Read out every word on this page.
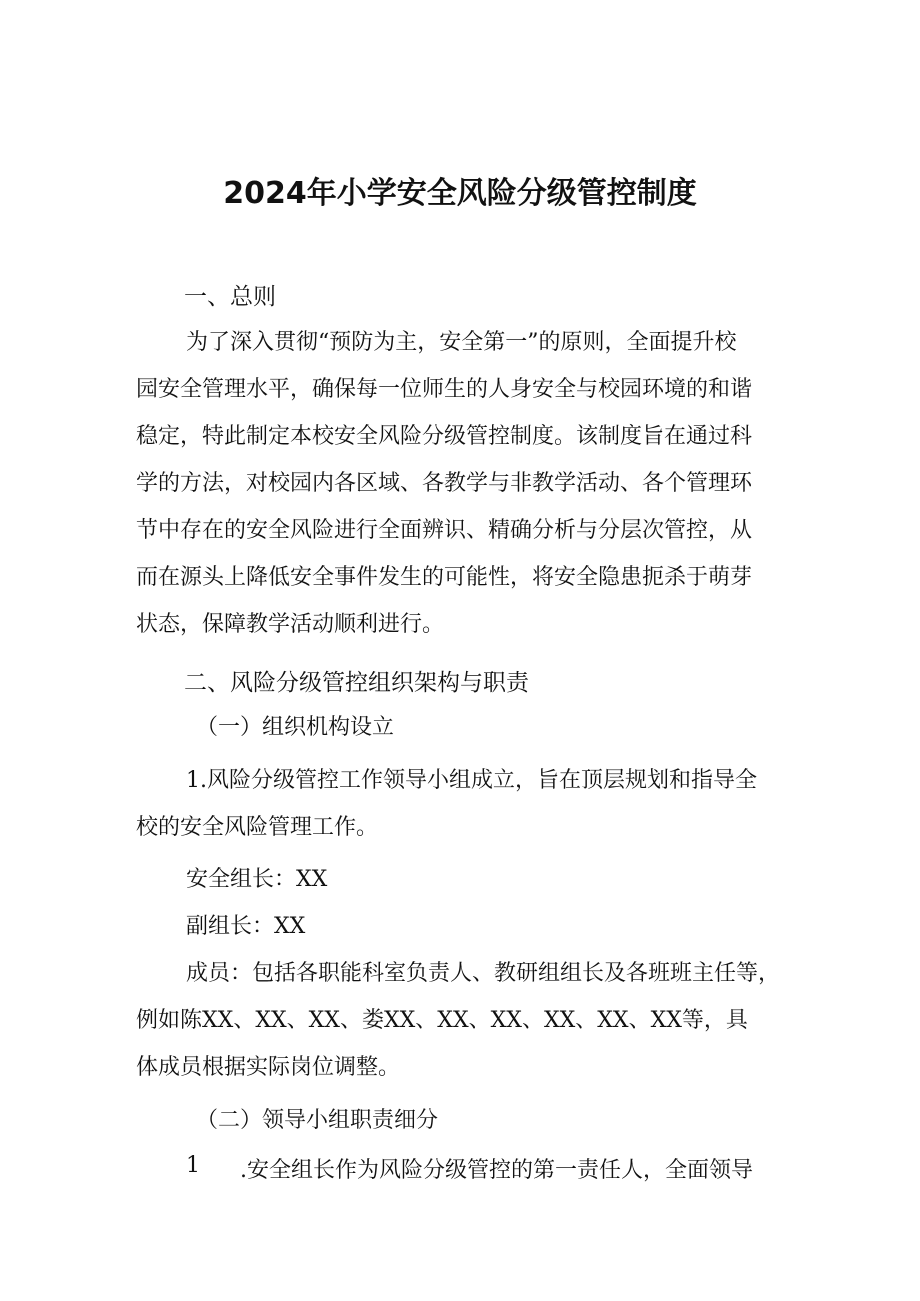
2024年小学安全风险分级管控制度
一、总则
为了深入贯彻“预防为主，安全第一”的原则，全面提升校
园安全管理水平，确保每一位师生的人身安全与校园环境的和谐
稳定，特此制定本校安全风险分级管控制度。该制度旨在通过科
学的方法，对校园内各区域、各教学与非教学活动、各个管理环
节中存在的安全风险进行全面辨识、精确分析与分层次管控，从
而在源头上降低安全事件发生的可能性，将安全隐患扼杀于萌芽
状态，保障教学活动顺利进行。
二、风险分级管控组织架构与职责
（一）组织机构设立
1.风险分级管控工作领导小组成立，旨在顶层规划和指导全
校的安全风险管理工作。
安全组长：XX
副组长：XX
成员：包括各职能科室负责人、教研组组长及各班班主任等，
例如陈XX、XX、XX、娄XX、XX、XX、XX、XX、XX等，具
体成员根据实际岗位调整。
（二）领导小组职责细分
1 .安全组长作为风险分级管控的第一责任人，全面领导
